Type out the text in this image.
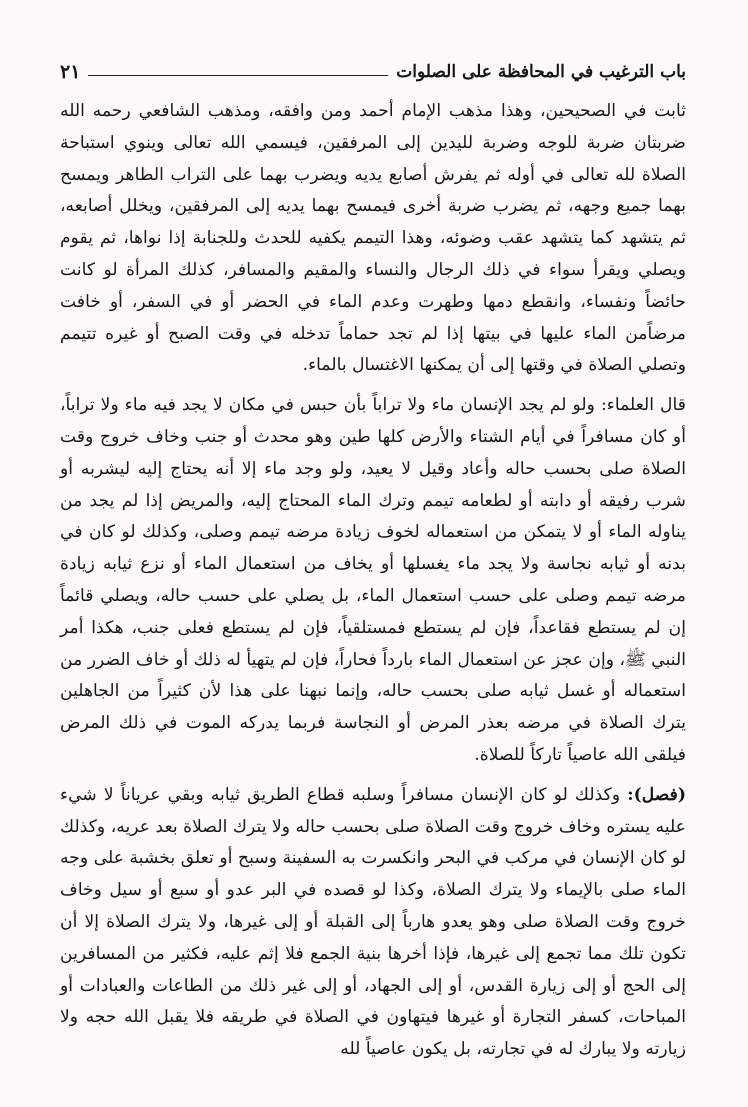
باب الترغيب في المحافظة على الصلوات
٢١

ثابت في الصحيحين، وهذا مذهب الإمام أحمد ومن وافقه، ومذهب الشافعي رحمه الله ضربتان ضربة للوجه وضربة لليدين إلى المرفقين، فيسمي الله تعالى وينوي استباحة الصلاة لله تعالى في أوله ثم يفرش أصابع يديه ويضرب بهما على التراب الطاهر ويمسح بهما جميع وجهه، ثم يضرب ضربة أخرى فيمسح بهما يديه إلى المرفقين، ويخلل أصابعه، ثم يتشهد كما يتشهد عقب وضوئه، وهذا التيمم يكفيه للحدث وللجنابة إذا نواها، ثم يقوم ويصلي ويقرأ سواء في ذلك الرجال والنساء والمقيم والمسافر، كذلك المرأة لو كانت حائضاً ونفساء، وانقطع دمها وطهرت وعدم الماء في الحضر أو في السفر، أو خافت مرضاًمن الماء عليها في بيتها إذا لم تجد حماماً تدخله في وقت الصبح أو غيره تتيمم وتصلي الصلاة في وقتها إلى أن يمكنها الاغتسال بالماء.

قال العلماء: ولو لم يجد الإنسان ماء ولا تراباً بأن حبس في مكان لا يجد فيه ماء ولا تراباً، أو كان مسافراً في أيام الشتاء والأرض كلها طين وهو محدث أو جنب وخاف خروج وقت الصلاة صلى بحسب حاله وأعاد وقيل لا يعيد، ولو وجد ماء إلا أنه يحتاج إليه ليشربه أو شرب رفيقه أو دابته أو لطعامه تيمم وترك الماء المحتاج إليه، والمريض إذا لم يجد من يناوله الماء أو لا يتمكن من استعماله لخوف زيادة مرضه تيمم وصلى، وكذلك لو كان في بدنه أو ثيابه نجاسة ولا يجد ماء يغسلها أو يخاف من استعمال الماء أو نزع ثيابه زيادة مرضه تيمم وصلى على حسب استعمال الماء، بل يصلي على حسب حاله، ويصلي قائماً إن لم يستطع فقاعداً، فإن لم يستطع فمستلقياً، فإن لم يستطع فعلى جنب، هكذا أمر النبي ﷺ، وإن عجز عن استعمال الماء بارداً فحاراً، فإن لم يتهيأ له ذلك أو خاف الضرر من استعماله أو غسل ثيابه صلى بحسب حاله، وإنما نبهنا على هذا لأن كثيراً من الجاهلين يترك الصلاة في مرضه بعذر المرض أو النجاسة فربما يدركه الموت في ذلك المرض فيلقى الله عاصياً تاركاً للصلاة.

(فصل): وكذلك لو كان الإنسان مسافراً وسلبه قطاع الطريق ثيابه وبقي عرياناً لا شيء عليه يستره وخاف خروج وقت الصلاة صلى بحسب حاله ولا يترك الصلاة بعد عريه، وكذلك لو كان الإنسان في مركب في البحر وانكسرت به السفينة وسبح أو تعلق بخشبة على وجه الماء صلى بالإيماء ولا يترك الصلاة، وكذا لو قصده في البر عدو أو سبع أو سيل وخاف خروج وقت الصلاة صلى وهو يعدو هارباً إلى القبلة أو إلى غيرها، ولا يترك الصلاة إلا أن تكون تلك مما تجمع إلى غيرها، فإذا أخرها بنية الجمع فلا إثم عليه، فكثير من المسافرين إلى الحج أو إلى زيارة القدس، أو إلى الجهاد، أو إلى غير ذلك من الطاعات والعبادات أو المباحات، كسفر التجارة أو غيرها فيتهاون في الصلاة في طريقه فلا يقبل الله حجه ولا زيارته ولا يبارك له في تجارته، بل يكون عاصياً لله
